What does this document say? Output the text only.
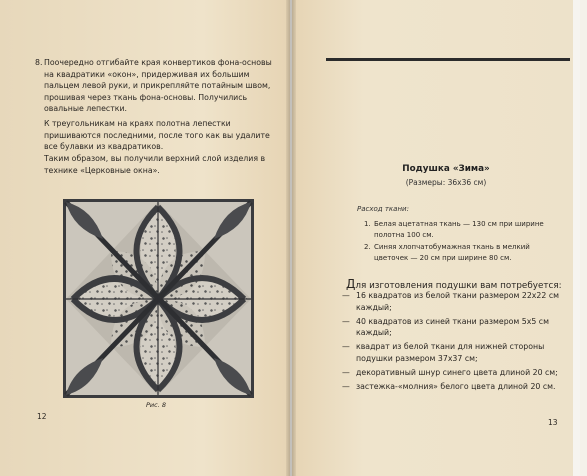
8. Поочередно отгибайте края конвертиков фона-основы на квадратики «окон», придерживая их большим пальцем левой руки, и прикрепляйте потайным швом, прошивая через ткань фона-основы. Получились овальные лепестки.
К треугольникам на краях полотна лепестки пришиваются последними, после того как вы удалите все булавки из квадратиков.
Таким образом, вы получили верхний слой изделия в технике «Церковные окна».
Рис. 8
12
Подушка «Зима»
(Размеры: 36х36 см)
Расход ткани:
1. Белая ацетатная ткань — 130 см при ширине полотна 100 см.
2. Синяя хлопчатобумажная ткань в мелкий цветочек — 20 см при ширине 80 см.
Для изготовления подушки вам потребуется:
— 16 квадратов из белой ткани размером 22х22 см каждый;
— 40 квадратов из синей ткани размером 5х5 см каждый;
— квадрат из белой ткани для нижней стороны подушки размером 37х37 см;
— декоративный шнур синего цвета длиной 20 см;
— застежка-«молния» белого цвета длиной 20 см.
13
